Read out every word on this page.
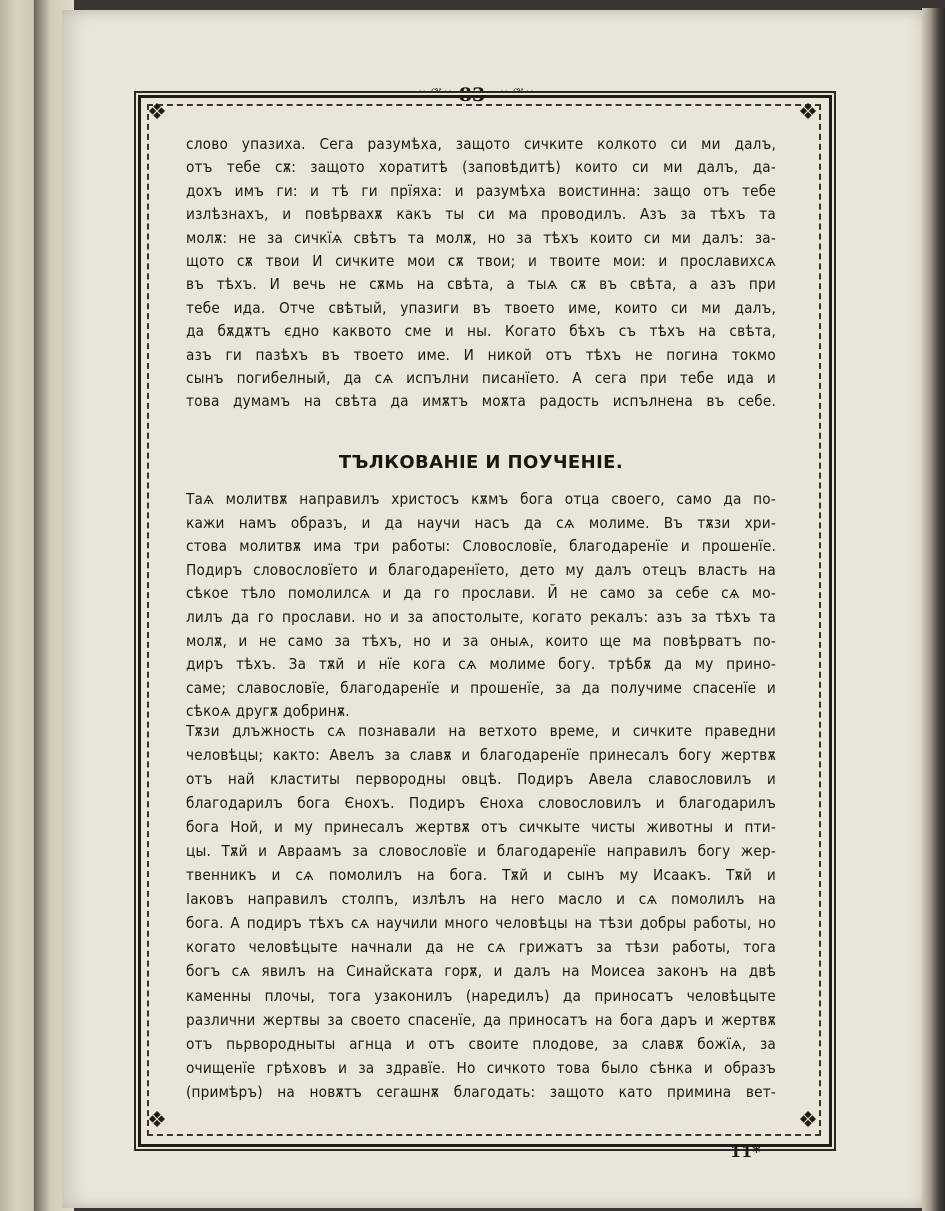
❧❦❧ 83	❧❦❧
❖	❖
❖	❖
слово упазиха. Сега разумѣха, защото сичките колкото си ми далъ,
отъ тебе сѫ: защото хоратитѣ (заповѣдитѣ) които си ми далъ, да-
дохъ имъ ги: и тѣ ги прїяха: и разумѣха воистинна: защо отъ тебе
излѣзнахъ, и повѣрвахѫ какъ ты си ма проводилъ. Азъ за тѣхъ та
молѫ: не за сичкїѧ свѣтъ та молѫ, но за тѣхъ които си ми далъ: за-
щото сѫ твои И сичките мои сѫ твои; и твоите мои: и прославихсѧ
въ тѣхъ. И вечь не сѫмь на свѣта, а тыѧ сѫ въ свѣта, а азъ при
тебе ида. Отче свѣтый, упазиги въ твоето име, които си ми далъ,
да бѫдѫтъ єдно каквото сме и ны. Когато бѣхъ съ тѣхъ на свѣта,
азъ ги пазѣхъ въ твоето име. И никой отъ тѣхъ не погина токмо
сынъ погибелный, да сѧ испълни писанїето. А сега при тебе ида и
това думамъ на свѣта да имѫтъ моѫта радость испълнена въ себе.
ТЪЛКОВАНІЕ И ПОУЧЕНІЕ.
Таѧ молитвѫ направилъ христосъ кѫмъ бога отца своего, само да по-
кажи намъ образъ, и да научи насъ да сѧ молиме. Въ тѫзи хри-
стова молитвѫ има три работы: Словословїе, благодаренїе и прошенїе.
Подиръ словословїето и благодаренїето, дето му далъ отецъ власть на
сѣкое тѣло помолилсѧ и да го прослави. Й не само за себе сѧ мо-
лилъ да го прослави. но и за апостолыте, когато рекалъ: азъ за тѣхъ та
молѫ, и не само за тѣхъ, но и за оныѧ, които ще ма повѣрватъ по-
диръ тѣхъ. За тѫй и нїе кога сѧ молиме богу. трѣбѫ да му прино-
саме; славословїе, благодаренїе и прошенїе, за да получиме спасенїе и
сѣкоѧ другѫ добринѫ.
Тѫзи длъжность сѧ познавали на ветхото време, и сичките праведни
человѣцы; както: Авелъ за славѫ и благодаренїе принесалъ богу жертвѫ
отъ най кластиты первородны овцѣ. Подиръ Авела славословилъ и
благодарилъ бога Єнохъ. Подиръ Єноха словословилъ и благодарилъ
бога Ной, и му принесалъ жертвѫ отъ сичкыте чисты животны и пти-
цы. Тѫй и Авраамъ за словословїе и благодаренїе направилъ богу жер-
твенникъ и сѧ помолилъ на бога. Тѫй и сынъ му Исаакъ. Тѫй и
Іаковъ направилъ столпъ, излѣлъ на него масло и сѧ помолилъ на
бога. А подиръ тѣхъ сѧ научили много человѣцы на тѣзи добры работы, но
когато человѣцыте начнали да не сѧ грижатъ за тѣзи работы, тога
богъ сѧ явилъ на Синайската горѫ, и далъ на Моисеа законъ на двѣ
каменны плочы, тога узаконилъ (наредилъ) да приносатъ человѣцыте
различни жертвы за своето спасенїе, да приносатъ на бога даръ и жертвѫ
отъ пьрвородныты агнца и отъ своите плодове, за славѫ божїѧ, за
очищенїе грѣховъ и за здравїе. Но сичкото това было сѣнка и образъ
(примѣръ) на новѫтъ сегашнѫ благодать: защото като примина вет-
11*
